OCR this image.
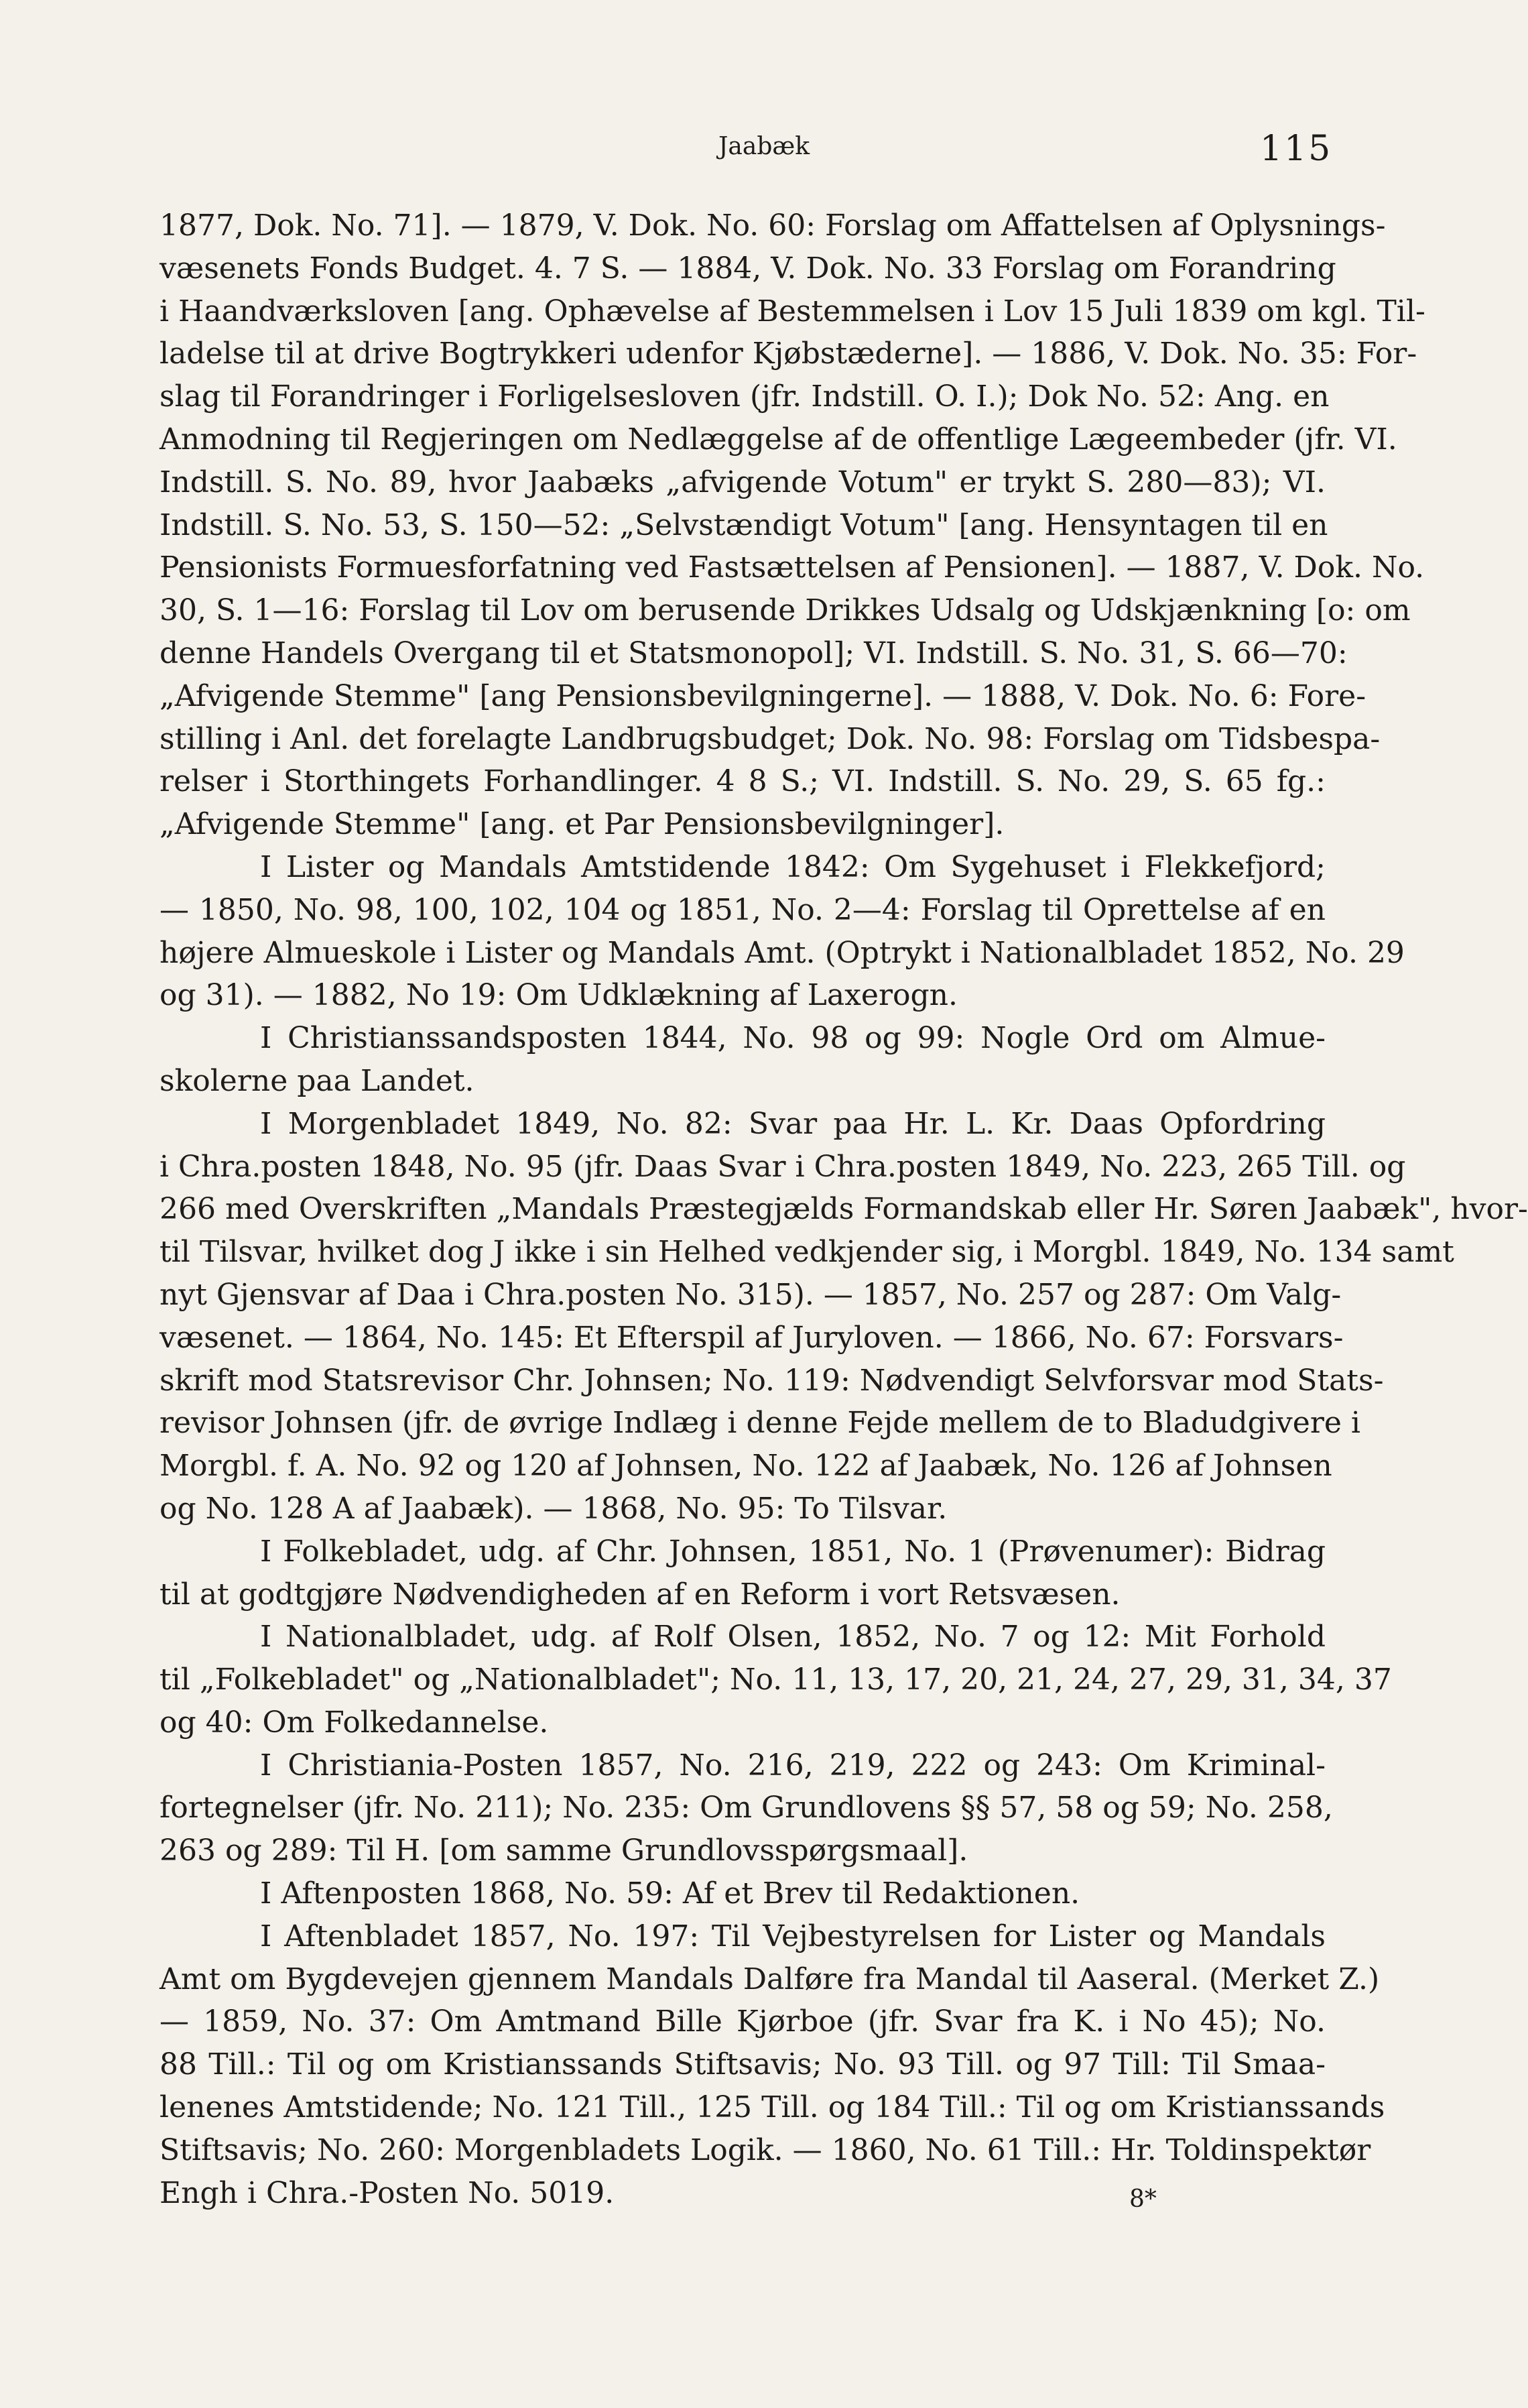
Jaabæk	115
1877, Dok. No. 71]. — 1879, V. Dok. No. 60: Forslag om Affattelsen af Oplysnings-
væsenets Fonds Budget. 4. 7 S. — 1884, V. Dok. No. 33 Forslag om Forandring
i Haandværksloven [ang. Ophævelse af Bestemmelsen i Lov 15 Juli 1839 om kgl. Til-
ladelse til at drive Bogtrykkeri udenfor Kjøbstæderne]. — 1886, V. Dok. No. 35: For-
slag til Forandringer i Forligelsesloven (jfr. Indstill. O. I.); Dok No. 52: Ang. en
Anmodning til Regjeringen om Nedlæggelse af de offentlige Lægeembeder (jfr. VI.
Indstill. S. No. 89, hvor Jaabæks „afvigende Votum" er trykt S. 280—83); VI.
Indstill. S. No. 53, S. 150—52: „Selvstændigt Votum" [ang. Hensyntagen til en
Pensionists Formuesforfatning ved Fastsættelsen af Pensionen]. — 1887, V. Dok. No.
30, S. 1—16: Forslag til Lov om berusende Drikkes Udsalg og Udskjænkning [o: om
denne Handels Overgang til et Statsmonopol]; VI. Indstill. S. No. 31, S. 66—70:
„Afvigende Stemme" [ang Pensionsbevilgningerne]. — 1888, V. Dok. No. 6: Fore-
stilling i Anl. det forelagte Landbrugsbudget; Dok. No. 98: Forslag om Tidsbespa-
relser i Storthingets Forhandlinger. 4 8 S.; VI. Indstill. S. No. 29, S. 65 fg.:
„Afvigende Stemme" [ang. et Par Pensionsbevilgninger].
I Lister og Mandals Amtstidende 1842: Om Sygehuset i Flekkefjord;
— 1850, No. 98, 100, 102, 104 og 1851, No. 2—4: Forslag til Oprettelse af en
højere Almueskole i Lister og Mandals Amt. (Optrykt i Nationalbladet 1852, No. 29
og 31). — 1882, No 19: Om Udklækning af Laxerogn.
I Christianssandsposten 1844, No. 98 og 99: Nogle Ord om Almue-
skolerne paa Landet.
I Morgenbladet 1849, No. 82: Svar paa Hr. L. Kr. Daas Opfordring
i Chra.posten 1848, No. 95 (jfr. Daas Svar i Chra.posten 1849, No. 223, 265 Till. og
266 med Overskriften „Mandals Præstegjælds Formandskab eller Hr. Søren Jaabæk", hvor-
til Tilsvar, hvilket dog J ikke i sin Helhed vedkjender sig, i Morgbl. 1849, No. 134 samt
nyt Gjensvar af Daa i Chra.posten No. 315). — 1857, No. 257 og 287: Om Valg-
væsenet. — 1864, No. 145: Et Efterspil af Juryloven. — 1866, No. 67: Forsvars-
skrift mod Statsrevisor Chr. Johnsen; No. 119: Nødvendigt Selvforsvar mod Stats-
revisor Johnsen (jfr. de øvrige Indlæg i denne Fejde mellem de to Bladudgivere i
Morgbl. f. A. No. 92 og 120 af Johnsen, No. 122 af Jaabæk, No. 126 af Johnsen
og No. 128 A af Jaabæk). — 1868, No. 95: To Tilsvar.
I Folkebladet, udg. af Chr. Johnsen, 1851, No. 1 (Prøvenumer): Bidrag
til at godtgjøre Nødvendigheden af en Reform i vort Retsvæsen.
I Nationalbladet, udg. af Rolf Olsen, 1852, No. 7 og 12: Mit Forhold
til „Folkebladet" og „Nationalbladet"; No. 11, 13, 17, 20, 21, 24, 27, 29, 31, 34, 37
og 40: Om Folkedannelse.
I Christiania-Posten 1857, No. 216, 219, 222 og 243: Om Kriminal-
fortegnelser (jfr. No. 211); No. 235: Om Grundlovens §§ 57, 58 og 59; No. 258,
263 og 289: Til H. [om samme Grundlovsspørgsmaal].
I Aftenposten 1868, No. 59: Af et Brev til Redaktionen.
I Aftenbladet 1857, No. 197: Til Vejbestyrelsen for Lister og Mandals
Amt om Bygdevejen gjennem Mandals Dalføre fra Mandal til Aaseral. (Merket Z.)
— 1859, No. 37: Om Amtmand Bille Kjørboe (jfr. Svar fra K. i No 45); No.
88 Till.: Til og om Kristianssands Stiftsavis; No. 93 Till. og 97 Till: Til Smaa-
lenenes Amtstidende; No. 121 Till., 125 Till. og 184 Till.: Til og om Kristianssands
Stiftsavis; No. 260: Morgenbladets Logik. — 1860, No. 61 Till.: Hr. Toldinspektør
Engh i Chra.-Posten No. 5019.	8*
